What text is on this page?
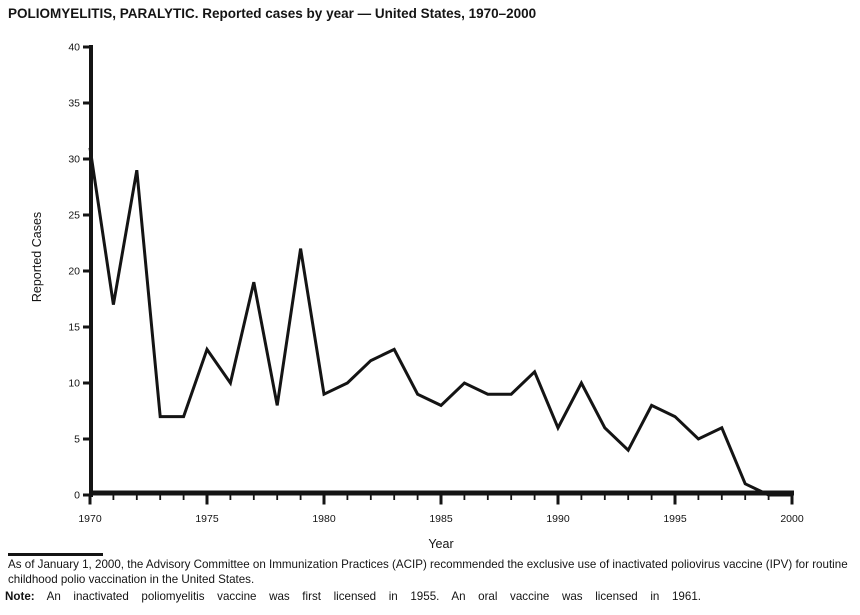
POLIOMYELITIS, PARALYTIC. Reported cases by year — United States, 1970–2000
0
5
10
15
20
25
30
35
40
1970	1975	1980	1985	1990	1995	2000
Reported Cases
Year
As of January 1, 2000, the Advisory Committee on Immunization Practices (ACIP) recommended the exclusive use of inactivated poliovirus vaccine (IPV) for routine childhood polio vaccination in the United States.

Note: An inactivated poliomyelitis vaccine was first licensed in 1955. An oral vaccine was licensed in 1961.
